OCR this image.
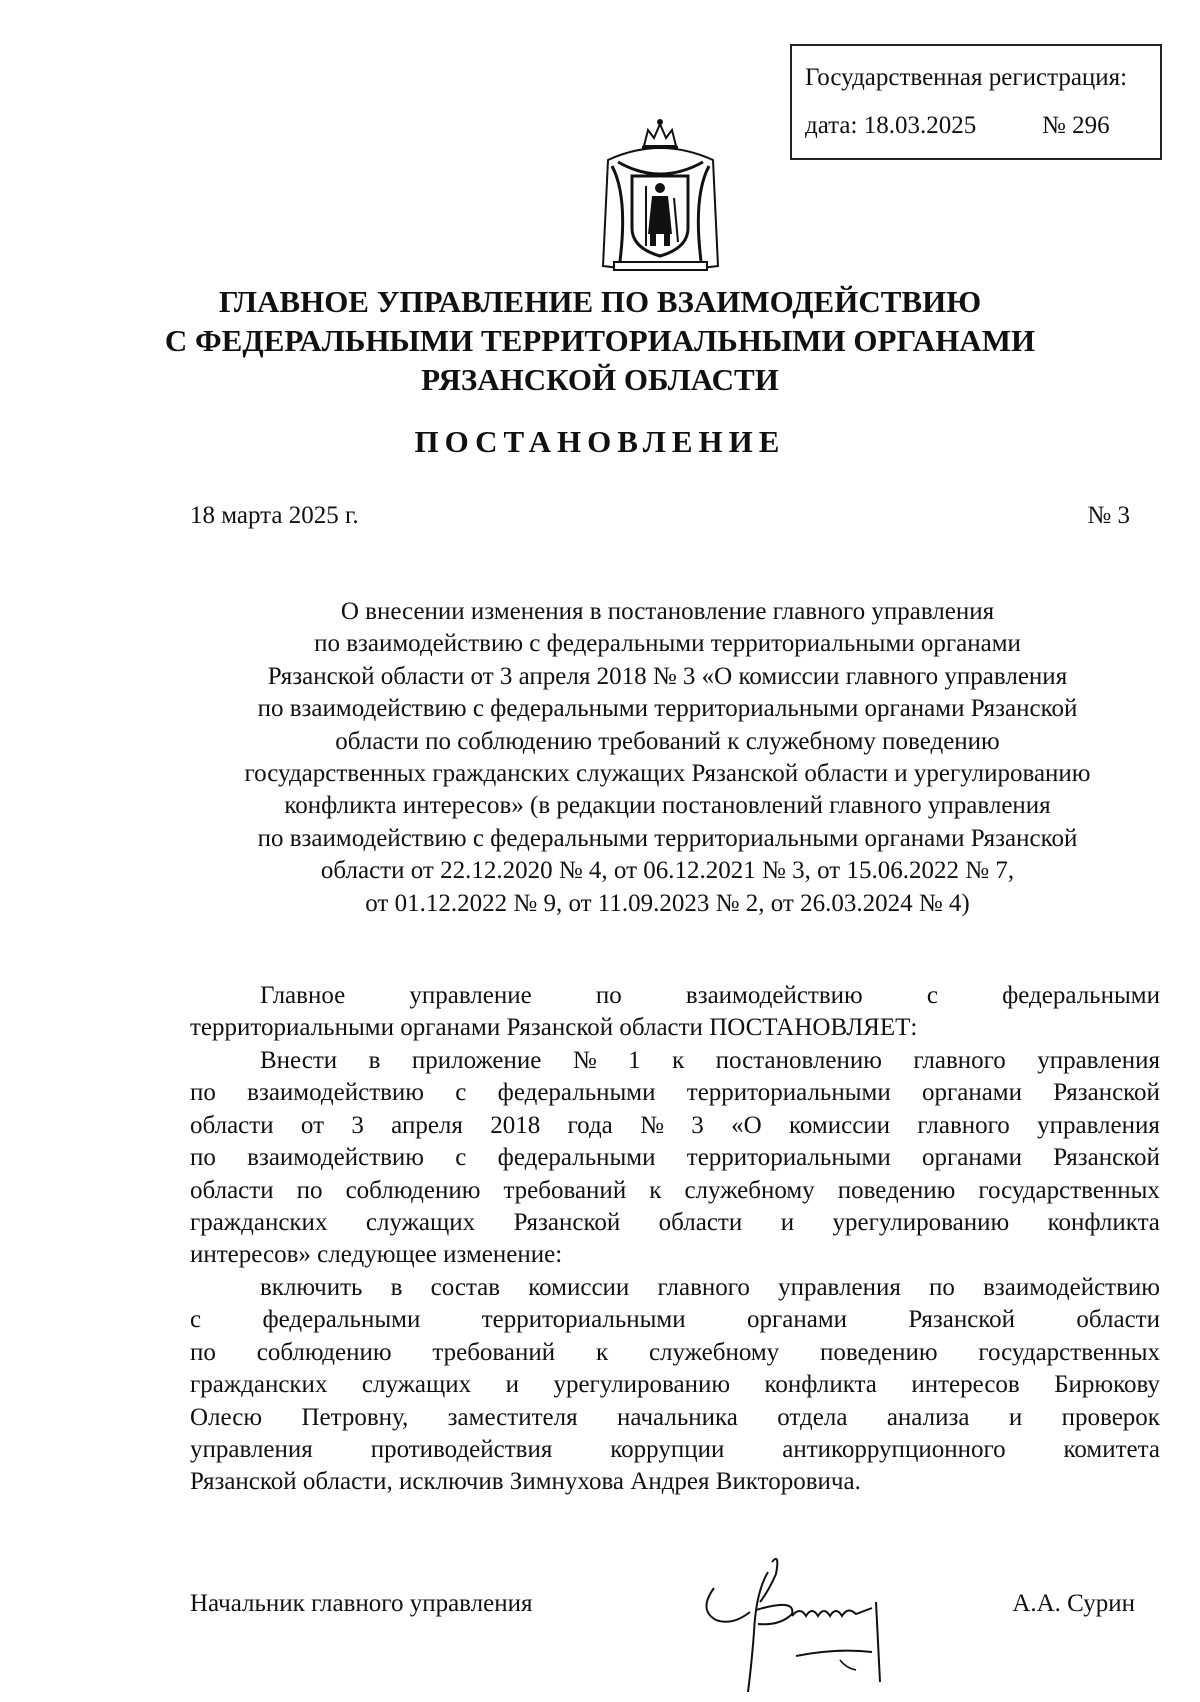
Государственная регистрация:
дата: 18.03.2025	№ 296
ГЛАВНОЕ УПРАВЛЕНИЕ ПО ВЗАИМОДЕЙСТВИЮ
С ФЕДЕРАЛЬНЫМИ ТЕРРИТОРИАЛЬНЫМИ ОРГАНАМИ
РЯЗАНСКОЙ ОБЛАСТИ
ПОСТАНОВЛЕНИЕ
18 марта 2025 г.	№ 3
О внесении изменения в постановление главного управления
по взаимодействию с федеральными территориальными органами
Рязанской области от 3 апреля 2018 № 3 «О комиссии главного управления
по взаимодействию с федеральными территориальными органами Рязанской
области по соблюдению требований к служебному поведению
государственных гражданских служащих Рязанской области и урегулированию
конфликта интересов» (в редакции постановлений главного управления
по взаимодействию с федеральными территориальными органами Рязанской
области от 22.12.2020 № 4, от 06.12.2021 № 3, от 15.06.2022 № 7,
от 01.12.2022 № 9, от 11.09.2023 № 2, от 26.03.2024 № 4)
Главное	управление	по	взаимодействию	с	федеральными
территориальными органами Рязанской области ПОСТАНОВЛЯЕТ:
Внести в приложение № 1 к постановлению главного управления
по взаимодействию с федеральными территориальными органами Рязанской
области от 3 апреля 2018 года № 3 «О комиссии главного управления
по взаимодействию с федеральными территориальными органами Рязанской
области по соблюдению требований к служебному поведению государственных
гражданских служащих Рязанской области и урегулированию конфликта
интересов» следующее изменение:
включить в состав комиссии главного управления по взаимодействию
с федеральными территориальными органами Рязанской области
по соблюдению требований к служебному поведению государственных
гражданских служащих и урегулированию конфликта интересов Бирюкову
Олесю Петровну, заместителя начальника отдела анализа и проверок
управления противодействия коррупции антикоррупционного комитета
Рязанской области, исключив Зимнухова Андрея Викторовича.
Начальник главного управления	А.А. Сурин
